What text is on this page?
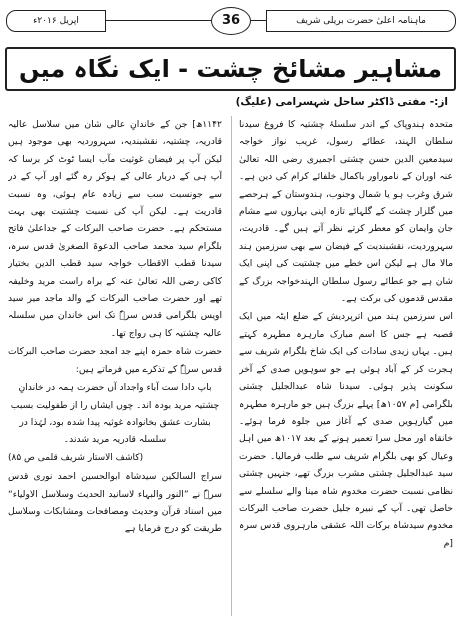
اپریل ۲۰۱۶ء	36	ماہنامہ اعلیٰ حضرت بریلی شریف
مشاہیر مشائخ چشت - ایک نگاہ میں
از:- مفتی ڈاکٹر ساحل شہسرامی (علیگ)

متحدہ ہندوپاک کے اندر سلسلۂ چشتیہ کا فروغ سیدنا سلطان الہند، عطائے رسول، غریب نواز خواجہ سیدمعین الدین حسن چشتی اجمیری رضی اللہ تعالیٰ عنہ اوران کے ناموراور باکمال خلفائے کرام کی دین ہے۔ شرق وغرب ہو یا شمال وجنوب، ہندوستان کے ہرحصے میں گلزار چشت کے گلہائے تازہ اپنی بہاروں سے مشام جان وایمان کو معطر کرتے نظر آتے ہیں گے۔ قادریت، سہروردیت، نقشبندیت کے فیضان سے بھی سرزمین ہند مالا مال ہے لیکن اس خطے میں چشتیت کی اپنی ایک شان ہے جو عطائے رسول سلطان الہندخواجہ بزرگ کے مقدس قدموں کی برکت ہے۔

اس سرزمین ہند میں اترپردیش کے ضلع ایٹہ میں ایک قصبہ ہے جس کا اسم مبارک مارہرہ مطہرہ کہتے ہیں۔ یہاں زیدی سادات کی ایک شاخ بلگرام شریف سے ہجرت کر کے آباد ہوئی ہے جو سوہویں صدی کے آخر سکونت پذیر ہوئی۔ سیدنا شاہ عبدالجلیل چشتی بلگرامی [م ۱۰۵۷ھ] پہلے بزرگ ہیں جو مارہرہ مطہرہ میں گیارہویں صدی کے آغاز میں جلوہ فرما ہوئے۔ خانقاہ اور محل سرا تعمیر ہونے کے بعد ۱۰۱۷ھ میں اہل وعیال کو بھی بلگرام شریف سے طلب فرمالیا۔ حضرت سید عبدالجلیل چشتی مشرب بزرگ تھے، جنہیں چشتی نظامی نسبت حضرت مخدوم شاہ مینا والے سلسلے سے حاصل تھی۔ آپ کے نبیرہ جلیل حضرت صاحب البرکات مخدوم سیدشاہ برکات اللہ عشقی مارہروی قدس سرہ [م

۱۱۴۲ھ] جن کے خاندانِ عالی شان میں سلاسل عالیہ قادریہ، چشتیہ، نقشبندیہ، سہروردیہ بھی موجود ہیں لیکن آپ پر فیضان غوثیت مآب ایسا ٹوٹ کر برسا کہ آپ ہی کے دربار عالی کے ہوکر رہ گئے اور آپ کے در سے جونسبت سب سے زیادہ عام ہوئی، وہ نسبت قادریت ہے۔ لیکن آپ کی نسبت چشتیت بھی بہت مستحکم ہے۔ حضرت صاحب البرکات کے جداعلیٰ فاتح بلگرام سید محمد صاحب الدعوۃ الصغریٰ قدس سرہ، سیدنا قطب الاقطاب خواجہ سید قطب الدین بختیار کاکی رضی اللہ تعالیٰ عنہ کے براہ راست مرید وخلیفہ تھے اور حضرت صاحب البرکات کے والد ماجد میر سید اویس بلگرامی قدس سرہٗ تک اس خاندان میں سلسلہ عالیہ چشتیہ کا ہی رواج تھا۔

حضرت شاہ حمزہ اپنے جد امجد حضرت صاحب البرکات قدس سرہٗ کے تذکرے میں فرماتے ہیں:

باپ دادا ست آباء واجداد آں حضرت ہمہ در خاندانِ چشتیہ مرید بودہ اند۔ چوں ایشاں را از طفولیت بسبب بشارت عشق بخانوادہ غوثیہ پیدا شدہ بود، لہٰذا در سلسلہ قادریہ مرید شدند۔

(کاشف الاستار شریف قلمی ص ۸۵)

سراج السالکین سیدشاہ ابوالحسین احمد نوری قدس سرہٗ نے ”النور والبہاء لاسانید الحدیث وسلاسل الاولیاء“ میں اسناد قرآن وحدیث ومصافحات ومشابکات وسلاسل طریقت کو درج فرمایا ہے
